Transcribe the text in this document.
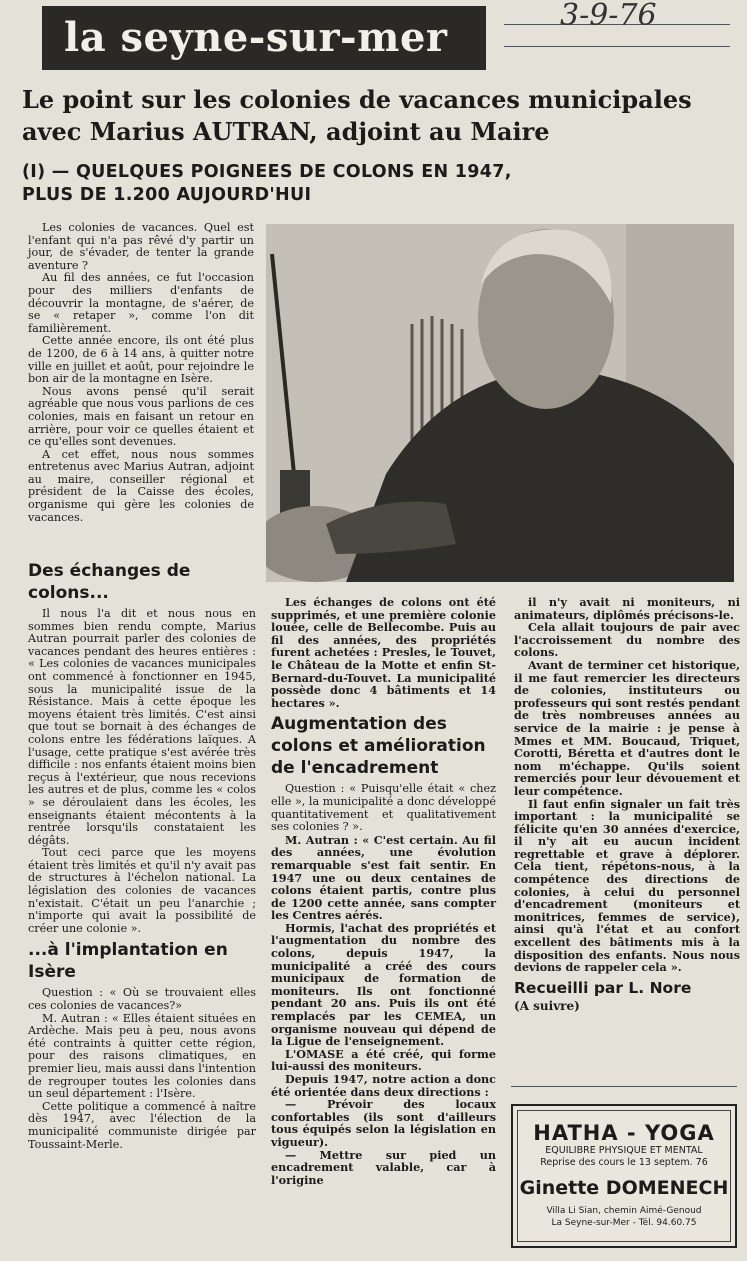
la seyne-sur-mer	3-9-76
Le point sur les colonies de vacances municipales
avec Marius AUTRAN, adjoint au Maire
(I) — QUELQUES POIGNEES DE COLONS EN 1947,
PLUS DE 1.200 AUJOURD'HUI

Les colonies de vacances. Quel est l'enfant qui n'a pas rêvé d'y partir un jour, de s'évader, de tenter la grande aventure ?

Au fil des années, ce fut l'occasion pour des milliers d'enfants de découvrir la montagne, de s'aérer, de se « retaper », comme l'on dit familièrement.

Cette année encore, ils ont été plus de 1200, de 6 à 14 ans, à quitter notre ville en juillet et août, pour rejoindre le bon air de la montagne en Isère.

Nous avons pensé qu'il serait agréable que nous vous parlions de ces colonies, mais en faisant un retour en arrière, pour voir ce quelles étaient et ce qu'elles sont devenues.

A cet effet, nous nous sommes entretenus avec Marius Autran, adjoint au maire, conseiller régional et président de la Caisse des écoles, organisme qui gère les colonies de vacances.

Des échanges de colons...

Il nous l'a dit et nous nous en sommes bien rendu compte, Marius Autran pourrait parler des colonies de vacances pendant des heures entières : « Les colonies de vacances municipales ont commencé à fonctionner en 1945, sous la municipalité issue de la Résistance. Mais à cette époque les moyens étaient très limités. C'est ainsi que tout se bornait à des échanges de colons entre les fédérations laïques. A l'usage, cette pratique s'est avérée très difficile : nos enfants étaient moins bien reçus à l'extérieur, que nous recevions les autres et de plus, comme les « colos » se déroulaient dans les écoles, les enseignants étaient mécontents à la rentrée lorsqu'ils constataient les dégâts.

Tout ceci parce que les moyens étaient très limités et qu'il n'y avait pas de structures à l'échelon national. La législation des colonies de vacances n'existait. C'était un peu l'anarchie ; n'importe qui avait la possibilité de créer une colonie ».

...à l'implantation en Isère

Question : « Où se trouvaient elles ces colonies de vacances?»

M. Autran : « Elles étaient situées en Ardèche. Mais peu à peu, nous avons été contraints à quitter cette région, pour des raisons climatiques, en premier lieu, mais aussi dans l'intention de regrouper toutes les colonies dans un seul département : l'Isère.

Cette politique a commencé à naître dès 1947, avec l'élection de la municipalité communiste dirigée par Toussaint-Merle.

Les échanges de colons ont été supprimés, et une première colonie louée, celle de Bellecombe. Puis au fil des années, des propriétés furent achetées : Presles, le Touvet, le Château de la Motte et enfin St-Bernard-du-Touvet. La municipalité possède donc 4 bâtiments et 14 hectares ».

Augmentation des colons et amélioration de l'encadrement

Question : « Puisqu'elle était « chez elle », la municipalité a donc développé quantitativement et qualitativement ses colonies ? ».

M. Autran : « C'est certain. Au fil des années, une évolution remarquable s'est fait sentir. En 1947 une ou deux centaines de colons étaient partis, contre plus de 1200 cette année, sans compter les Centres aérés.

Hormis, l'achat des propriétés et l'augmentation du nombre des colons, depuis 1947, la municipalité a créé des cours municipaux de formation de moniteurs. Ils ont fonctionné pendant 20 ans. Puis ils ont été remplacés par les CEMEA, un organisme nouveau qui dépend de la Ligue de l'enseignement.

L'OMASE a été créé, qui forme lui-aussi des moniteurs.

Depuis 1947, notre action a donc été orientée dans deux directions :

— Prévoir des locaux confortables (ils sont d'ailleurs tous équipés selon la législation en vigueur).

— Mettre sur pied un encadrement valable, car à l'origine

il n'y avait ni moniteurs, ni animateurs, diplômés précisons-le.

Cela allait toujours de pair avec l'accroissement du nombre des colons.

Avant de terminer cet historique, il me faut remercier les directeurs de colonies, instituteurs ou professeurs qui sont restés pendant de très nombreuses années au service de la mairie : je pense à Mmes et MM. Boucaud, Triquet, Corotti, Béretta et d'autres dont le nom m'échappe. Qu'ils soient remerciés pour leur dévouement et leur compétence.

Il faut enfin signaler un fait très important : la municipalité se félicite qu'en 30 années d'exercice, il n'y ait eu aucun incident regrettable et grave à déplorer. Cela tient, répétons-nous, à la compétence des directions de colonies, à celui du personnel d'encadrement (moniteurs et monitrices, femmes de service), ainsi qu'à l'état et au confort excellent des bâtiments mis à la disposition des enfants. Nous nous devions de rappeler cela ».

Recueilli par L. Nore
(A suivre)
HATHA - YOGA
EQUILIBRE PHYSIQUE ET MENTAL
Reprise des cours le 13 septem. 76
Ginette DOMENECH
Villa Li Sian, chemin Aimé-Genoud
La Seyne-sur-Mer - Tél. 94.60.75
